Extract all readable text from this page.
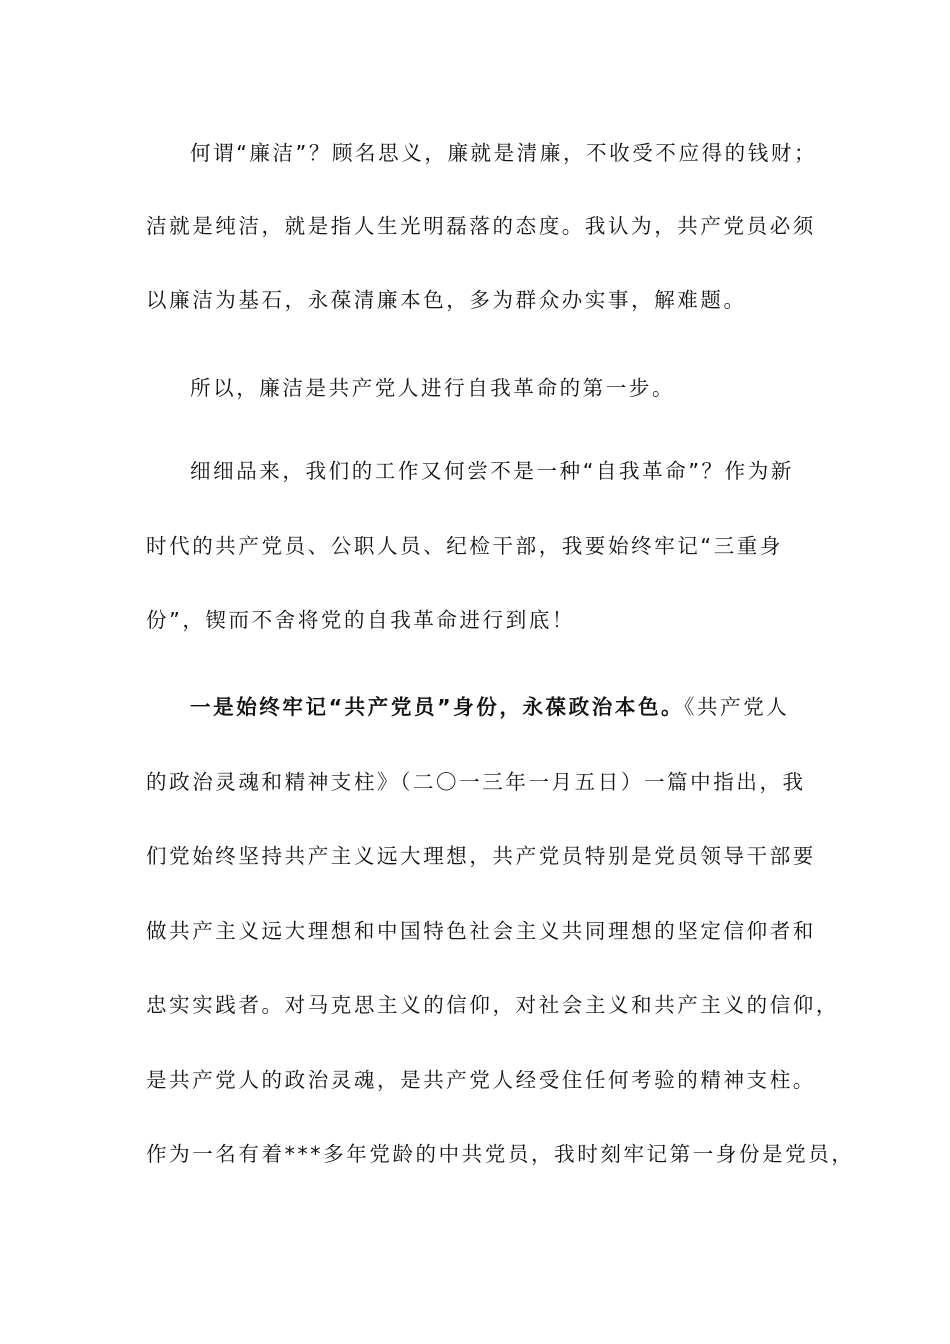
何谓“廉洁”？顾名思义，廉就是清廉，不收受不应得的钱财；
洁就是纯洁，就是指人生光明磊落的态度。我认为，共产党员必须
以廉洁为基石，永葆清廉本色，多为群众办实事，解难题。
所以，廉洁是共产党人进行自我革命的第一步。
细细品来，我们的工作又何尝不是一种“自我革命”？作为新
时代的共产党员、公职人员、纪检干部，我要始终牢记“三重身
份”，锲而不舍将党的自我革命进行到底！
一是始终牢记“共产党员”身份，永葆政治本色。《共产党人
的政治灵魂和精神支柱》（二〇一三年一月五日）一篇中指出，我
们党始终坚持共产主义远大理想，共产党员特别是党员领导干部要
做共产主义远大理想和中国特色社会主义共同理想的坚定信仰者和
忠实实践者。对马克思主义的信仰，对社会主义和共产主义的信仰，
是共产党人的政治灵魂，是共产党人经受住任何考验的精神支柱。
作为一名有着***多年党龄的中共党员，我时刻牢记第一身份是党员，
